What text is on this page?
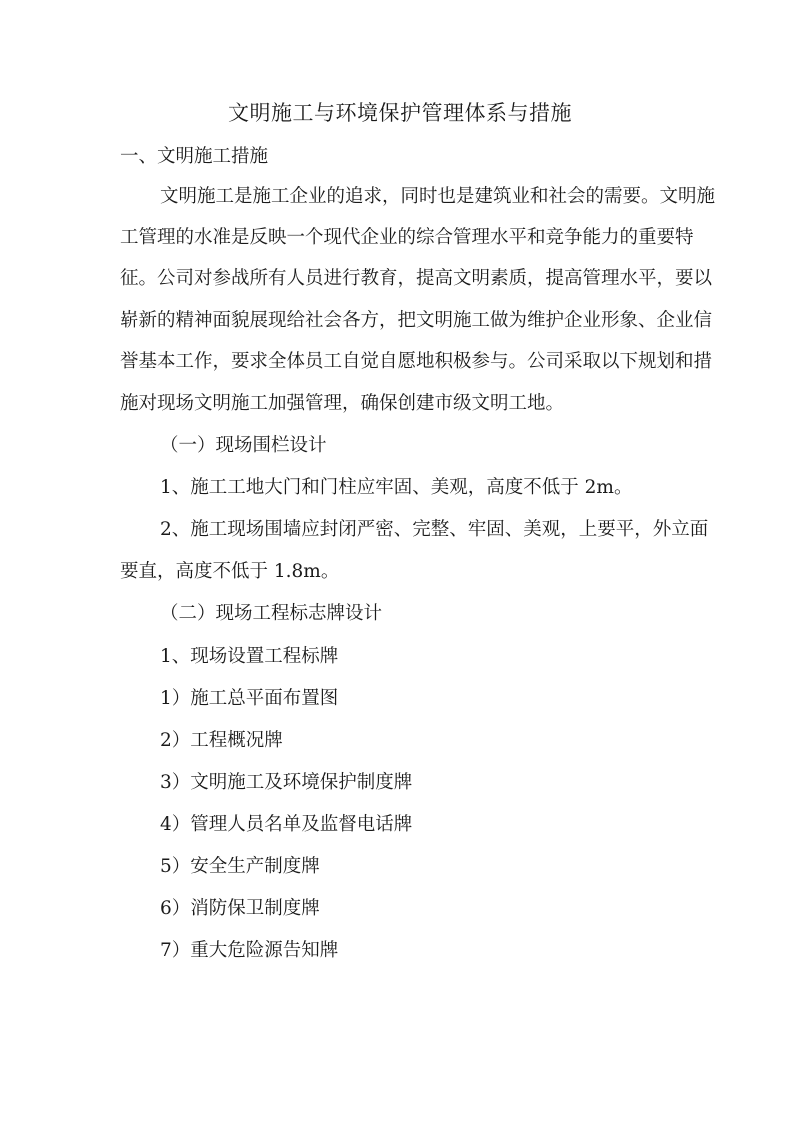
文明施工与环境保护管理体系与措施
一、文明施工措施
文明施工是施工企业的追求，同时也是建筑业和社会的需要。文明施
工管理的水准是反映一个现代企业的综合管理水平和竞争能力的重要特
征。公司对参战所有人员进行教育，提高文明素质，提高管理水平，要以
崭新的精神面貌展现给社会各方，把文明施工做为维护企业形象、企业信
誉基本工作，要求全体员工自觉自愿地积极参与。公司采取以下规划和措
施对现场文明施工加强管理，确保创建市级文明工地。
（一）现场围栏设计
1、施工工地大门和门柱应牢固、美观，高度不低于 2m。
2、施工现场围墙应封闭严密、完整、牢固、美观，上要平，外立面
要直，高度不低于 1.8m。
（二）现场工程标志牌设计
1、现场设置工程标牌
1）施工总平面布置图
2）工程概况牌
3）文明施工及环境保护制度牌
4）管理人员名单及监督电话牌
5）安全生产制度牌
6）消防保卫制度牌
7）重大危险源告知牌
